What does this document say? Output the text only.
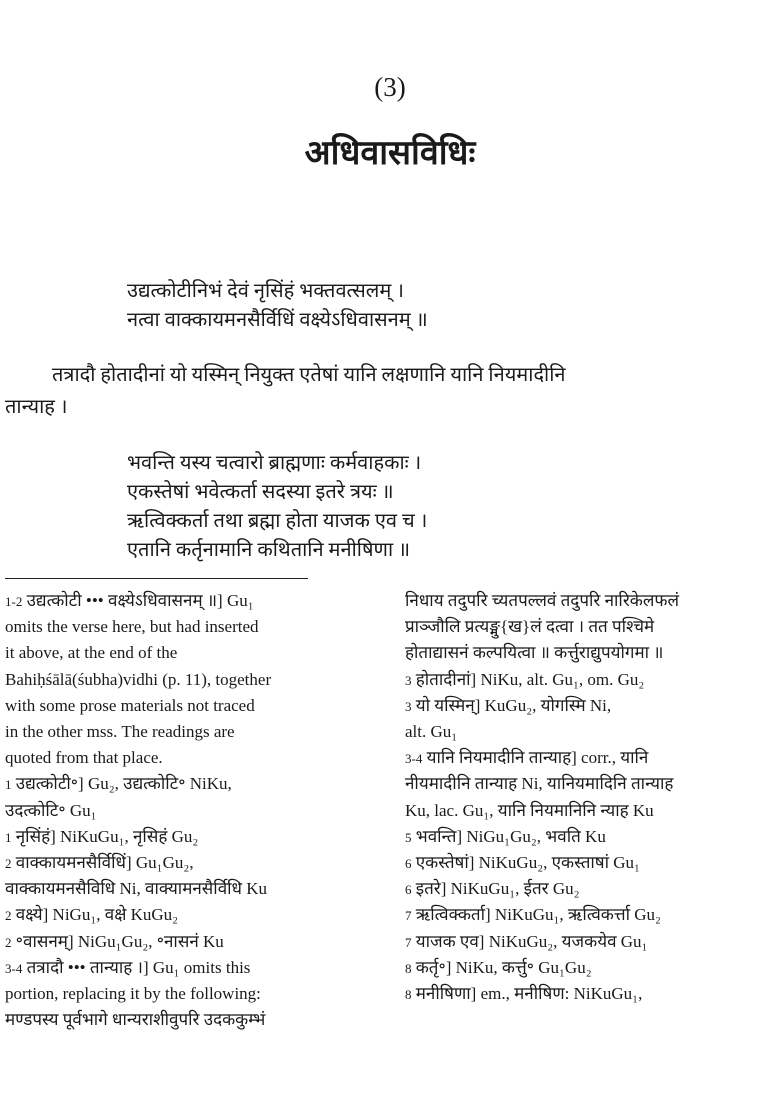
(3)
अधिवासविधिः
उद्यत्कोटीनिभं देवं नृसिंहं भक्तवत्सलम् ।
नत्वा वाक्कायमनसैर्विधिं वक्ष्येऽधिवासनम् ॥
तत्रादौ होतादीनां यो यस्मिन् नियुक्त एतेषां यानि लक्षणानि यानि नियमादीनि
तान्याह ।
भवन्ति यस्य चत्वारो ब्राह्मणाः कर्मवाहकाः ।
एकस्तेषां भवेत्कर्ता सदस्या इतरे त्रयः ॥
ऋत्विक्कर्ता तथा ब्रह्मा होता याजक एव च ।
एतानि कर्तृनामानि कथितानि मनीषिणा ॥
1-2 उद्यत्कोटी ••• वक्ष्येऽधिवासनम् ॥] Gu₁
omits the verse here, but had inserted
it above, at the end of the
Bahiḥśālā(śubha)vidhi (p. 11), together
with some prose materials not traced
in the other mss. The readings are
quoted from that place.
1 उद्यत्कोटी॰] Gu₂, उद्यत्कोटि॰ NiKu,
उदत्कोटि॰ Gu₁
1 नृसिंहं] NiKuGu₁, नृसिहं Gu₂
2 वाक्कायमनसैर्विधिं] Gu₁Gu₂,
वाक्कायमनसैविधि Ni, वाक्यामनसैर्विधि Ku
2 वक्ष्ये] NiGu₁, वक्षे KuGu₂
2 ॰वासनम्] NiGu₁Gu₂, ॰नासनं Ku
3-4 तत्रादौ ••• तान्याह ।] Gu₁ omits this
portion, replacing it by the following:
मण्डपस्य पूर्वभागे धान्यराशीवुपरि उदककुम्भं
निधाय तदुपरि च्यतपल्लवं तदुपरि नारिकेलफलं
प्राञ्जौलि प्रत्यङ्मु{ख}लं दत्वा । तत पश्चिमे
होताद्यासनं कल्पयित्वा ॥ कर्त्तुराद्युपयोगमा ॥
3 होतादीनां] NiKu, alt. Gu₁, om. Gu₂
3 यो यस्मिन्] KuGu₂, योगस्मि Ni,
alt. Gu₁
3-4 यानि नियमादीनि तान्याह] corr., यानि
नीयमादीनि तान्याह Ni, यानियमादिनि तान्याह
Ku, lac. Gu₁, यानि नियमानिनि न्याह Ku
5 भवन्ति] NiGu₁Gu₂, भवति Ku
6 एकस्तेषां] NiKuGu₂, एकस्ताषां Gu₁
6 इतरे] NiKuGu₁, ईतर Gu₂
7 ऋत्विक्कर्ता] NiKuGu₁, ऋत्विकर्त्ता Gu₂
7 याजक एव] NiKuGu₂, यजकयेव Gu₁
8 कर्तृ॰] NiKu, कर्त्तु॰ Gu₁Gu₂
8 मनीषिणा] em., मनीषिण: NiKuGu₁,
